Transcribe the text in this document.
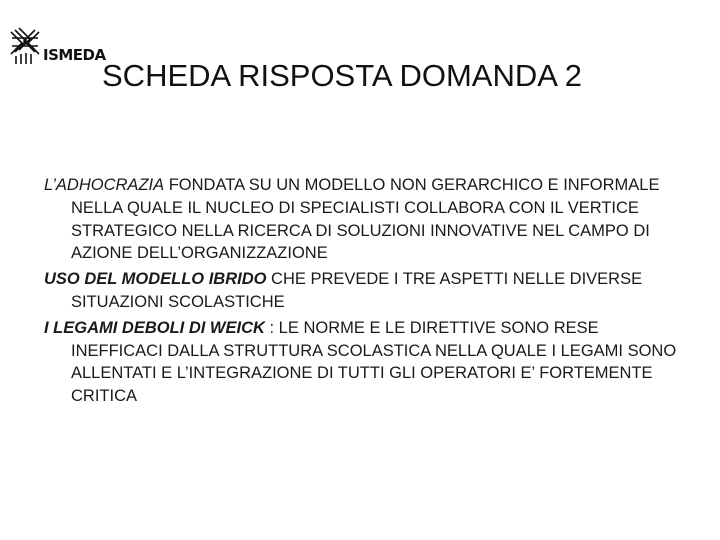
ISMEDA
SCHEDA RISPOSTA DOMANDA 2

L’ADHOCRAZIA FONDATA SU UN MODELLO NON GERARCHICO E INFORMALE NELLA QUALE IL NUCLEO DI SPECIALISTI COLLABORA CON IL VERTICE STRATEGICO NELLA RICERCA DI SOLUZIONI INNOVATIVE NEL CAMPO DI AZIONE DELL’ORGANIZZAZIONE

USO DEL MODELLO IBRIDO CHE PREVEDE I TRE ASPETTI NELLE DIVERSE SITUAZIONI SCOLASTICHE

I LEGAMI DEBOLI DI WEICK : LE NORME E LE DIRETTIVE SONO RESE INEFFICACI DALLA STRUTTURA SCOLASTICA NELLA QUALE I LEGAMI SONO ALLENTATI E L’INTEGRAZIONE DI TUTTI GLI OPERATORI E’ FORTEMENTE CRITICA
